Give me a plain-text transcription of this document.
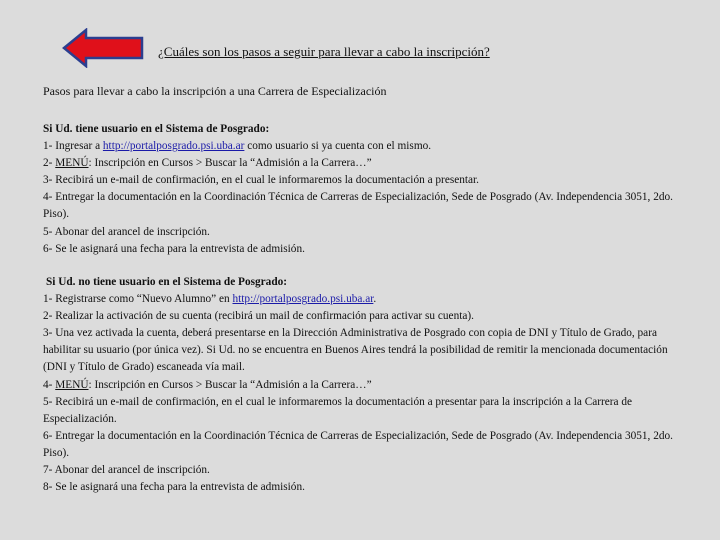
¿Cuáles son los pasos a seguir para llevar a cabo la inscripción?
Pasos para llevar a cabo la inscripción a una Carrera de Especialización
Si Ud. tiene usuario en el Sistema de Posgrado:
1- Ingresar a http://portalposgrado.psi.uba.ar como usuario si ya cuenta con el mismo.
2- MENÚ: Inscripción en Cursos > Buscar la “Admisión a la Carrera…”
3- Recibirá un e-mail de confirmación, en el cual le informaremos la documentación a presentar.
4- Entregar la documentación en la Coordinación Técnica de Carreras de Especialización, Sede de Posgrado (Av. Independencia 3051, 2do. Piso).
5- Abonar del arancel de inscripción.
6- Se le asignará una fecha para la entrevista de admisión.
Si Ud. no tiene usuario en el Sistema de Posgrado:
1- Registrarse como “Nuevo Alumno” en http://portalposgrado.psi.uba.ar.
2- Realizar la activación de su cuenta (recibirá un mail de confirmación para activar su cuenta).
3- Una vez activada la cuenta, deberá presentarse en la Dirección Administrativa de Posgrado con copia de DNI y Título de Grado, para habilitar su usuario (por única vez). Si Ud. no se encuentra en Buenos Aires tendrá la posibilidad de remitir la mencionada documentación (DNI y Título de Grado) escaneada vía mail.
4- MENÚ: Inscripción en Cursos > Buscar la “Admisión a la Carrera…”
5- Recibirá un e-mail de confirmación, en el cual le informaremos la documentación a presentar para la inscripción a la Carrera de Especialización.
6- Entregar la documentación en la Coordinación Técnica de Carreras de Especialización, Sede de Posgrado (Av. Independencia 3051, 2do. Piso).
7- Abonar del arancel de inscripción.
8- Se le asignará una fecha para la entrevista de admisión.
